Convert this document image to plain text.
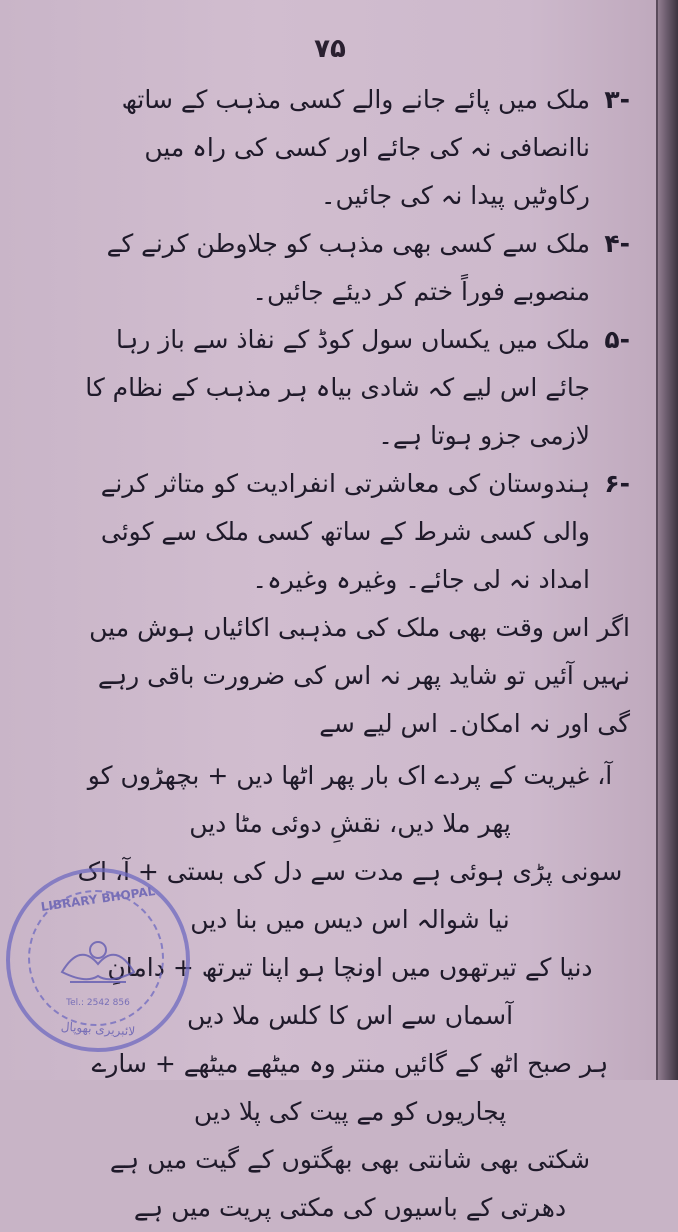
۷۵
۳-
ملک میں پائے جانے والے کسی مذہب کے ساتھ ناانصافی نہ کی جائے اور کسی کی راہ میں رکاوٹیں پیدا نہ کی جائیں۔
۴-
ملک سے کسی بھی مذہب کو جلاوطن کرنے کے منصوبے فوراً ختم کر دیئے جائیں۔
۵-
ملک میں یکساں سول کوڈ کے نفاذ سے باز رہا جائے اس لیے کہ شادی بیاہ ہر مذہب کے نظام کا لازمی جزو ہوتا ہے۔
۶-
ہندوستان کی معاشرتی انفرادیت کو متاثر کرنے والی کسی شرط کے ساتھ کسی ملک سے کوئی امداد نہ لی جائے۔ وغیرہ وغیرہ۔
اگر اس وقت بھی ملک کی مذہبی اکائیاں ہوش میں نہیں آئیں تو شاید پھر نہ اس کی ضرورت باقی رہے گی اور نہ امکان۔ اس لیے سے
آ، غیریت کے پردے اک بار پھر اٹھا دیں + بچھڑوں کو پھر ملا دیں، نقشِ دوئی مٹا دیں
سونی پڑی ہوئی ہے مدت سے دل کی بستی + آ، اک نیا شوالہ اس دیس میں بنا دیں
دنیا کے تیرتھوں میں اونچا ہو اپنا تیرتھ + دامانِ آسماں سے اس کا کلس ملا دیں
ہر صبح اٹھ کے گائیں منتر وہ میٹھے میٹھے + سارے پجاریوں کو مے پیت کی پلا دیں
شکتی بھی شانتی بھی بھگتوں کے گیت میں ہے
دھرتی کے باسیوں کی مکتی پریت میں ہے
LIBRARY BHOPAL
Tel.: 2542 856
لائبریری بھوپال
